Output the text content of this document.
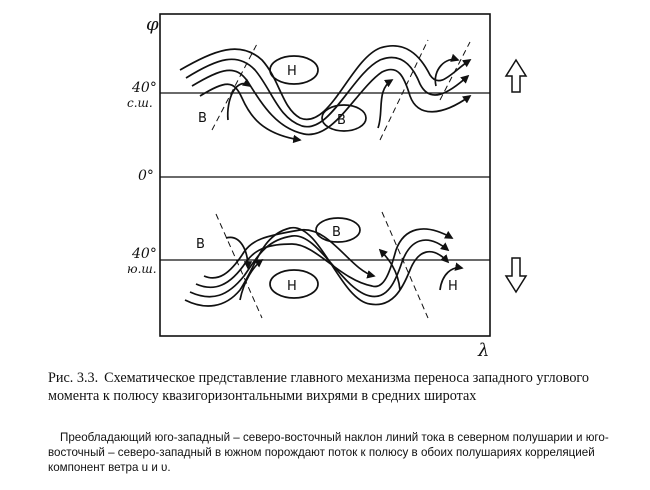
φ
λ
40°
с.ш.
0°
40°
ю.ш.
Н
В
В
В
В
Н	Н

Рис. 3.3. Схематическое представление главного механизма переноса западного углового момента к полюсу квазигоризонтальными вихрями в средних широтах

Преобладающий юго-западный – северо-восточный наклон линий тока в северном полушарии и юго-восточный – северо-западный в южном порождают поток к полюсу в обоих полушариях корреляцией компонент ветра u и υ.
